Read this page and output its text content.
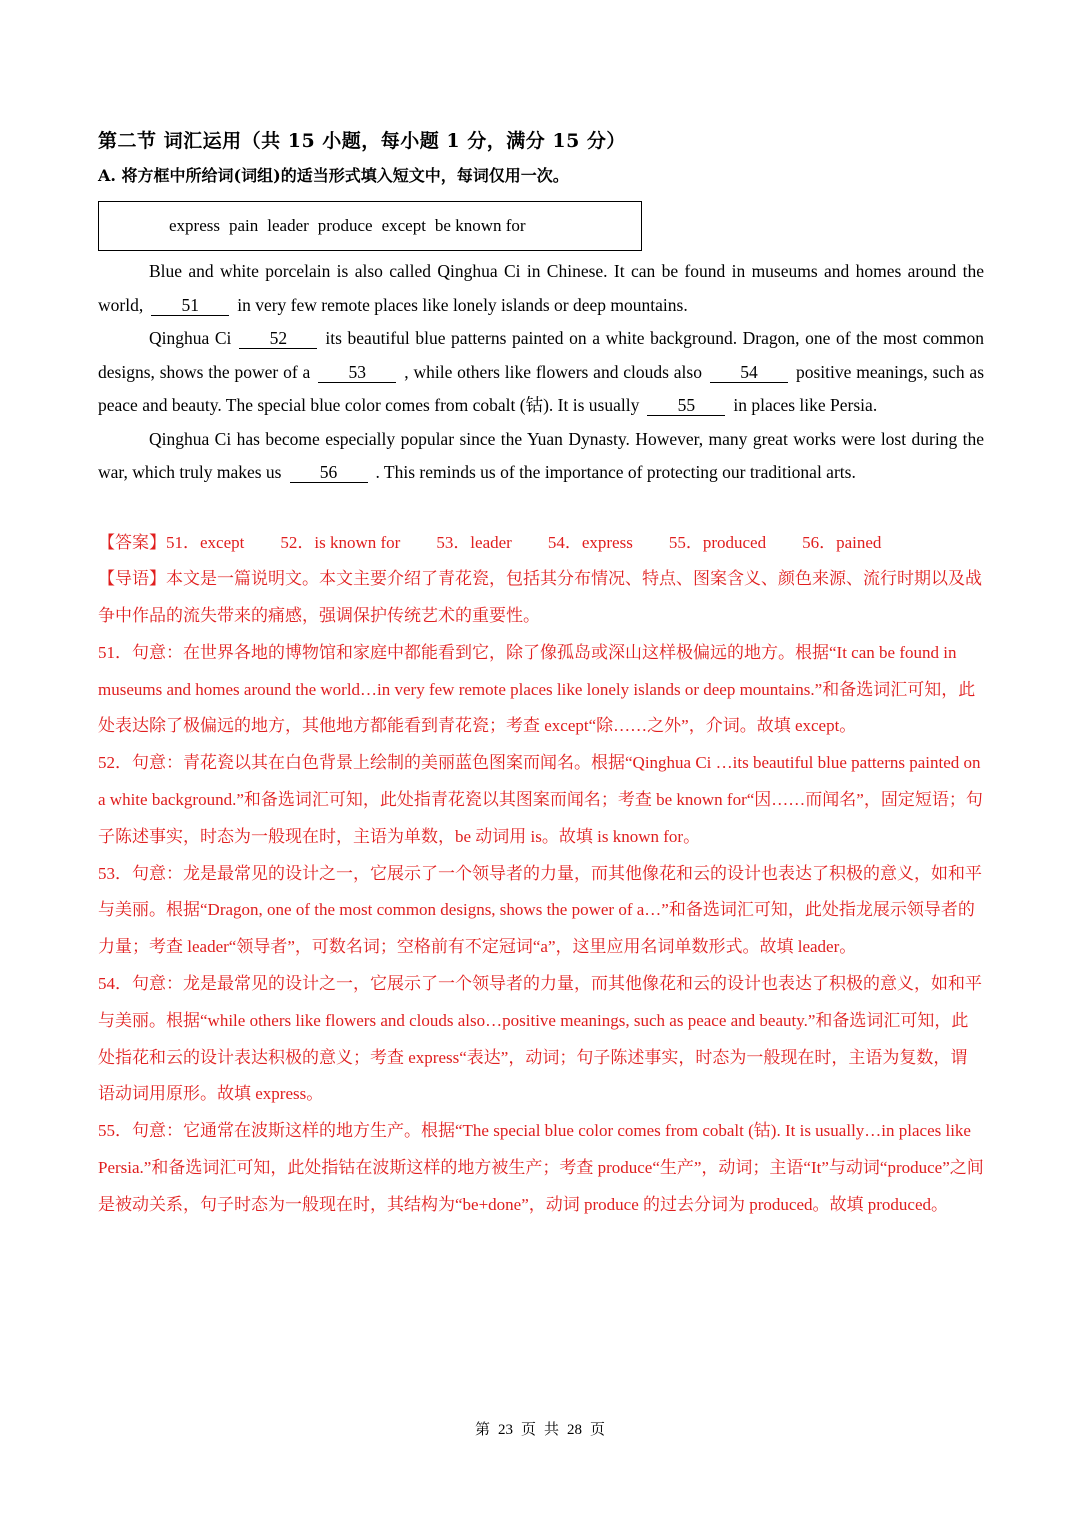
第二节 词汇运用（共 15 小题，每小题 1 分，满分 15 分）
A. 将方框中所给词(词组)的适当形式填入短文中，每词仅用一次。
express pain leader produce except be known for

Blue and white porcelain is also called Qinghua Ci in Chinese. It can be found in museums and homes around the world, 51 in very few remote places like lonely islands or deep mountains.

Qinghua Ci 52 its beautiful blue patterns painted on a white background. Dragon, one of the most common designs, shows the power of a 53 , while others like flowers and clouds also 54 positive meanings, such as peace and beauty. The special blue color comes from cobalt (钴). It is usually 55 in places like Persia.

Qinghua Ci has become especially popular since the Yuan Dynasty. However, many great works were lost during the war, which truly makes us 56 . This reminds us of the importance of protecting our traditional arts.

【答案】51．except 52．is known for 53．leader 54．express 55．produced 56．pained

【导语】本文是一篇说明文。本文主要介绍了青花瓷，包括其分布情况、特点、图案含义、颜色来源、流行时期以及战争中作品的流失带来的痛感，强调保护传统艺术的重要性。

51．句意：在世界各地的博物馆和家庭中都能看到它，除了像孤岛或深山这样极偏远的地方。根据“It can be found in museums and homes around the world…in very few remote places like lonely islands or deep mountains.”和备选词汇可知，此处表达除了极偏远的地方，其他地方都能看到青花瓷；考查 except“除……之外”，介词。故填 except。

52．句意：青花瓷以其在白色背景上绘制的美丽蓝色图案而闻名。根据“Qinghua Ci …its beautiful blue patterns painted on a white background.”和备选词汇可知，此处指青花瓷以其图案而闻名；考查 be known for“因……而闻名”，固定短语；句子陈述事实，时态为一般现在时，主语为单数，be 动词用 is。故填 is known for。

53．句意：龙是最常见的设计之一，它展示了一个领导者的力量，而其他像花和云的设计也表达了积极的意义，如和平与美丽。根据“Dragon, one of the most common designs, shows the power of a…”和备选词汇可知，此处指龙展示领导者的力量；考查 leader“领导者”，可数名词；空格前有不定冠词“a”，这里应用名词单数形式。故填 leader。

54．句意：龙是最常见的设计之一，它展示了一个领导者的力量，而其他像花和云的设计也表达了积极的意义，如和平与美丽。根据“while others like flowers and clouds also…positive meanings, such as peace and beauty.”和备选词汇可知，此处指花和云的设计表达积极的意义；考查 express“表达”，动词；句子陈述事实，时态为一般现在时，主语为复数，谓语动词用原形。故填 express。

55．句意：它通常在波斯这样的地方生产。根据“The special blue color comes from cobalt (钴). It is usually…in places like Persia.”和备选词汇可知，此处指钴在波斯这样的地方被生产；考查 produce“生产”，动词；主语“It”与动词“produce”之间是被动关系，句子时态为一般现在时，其结构为“be+done”，动词 produce 的过去分词为 produced。故填 produced。

第 23 页 共 28 页
